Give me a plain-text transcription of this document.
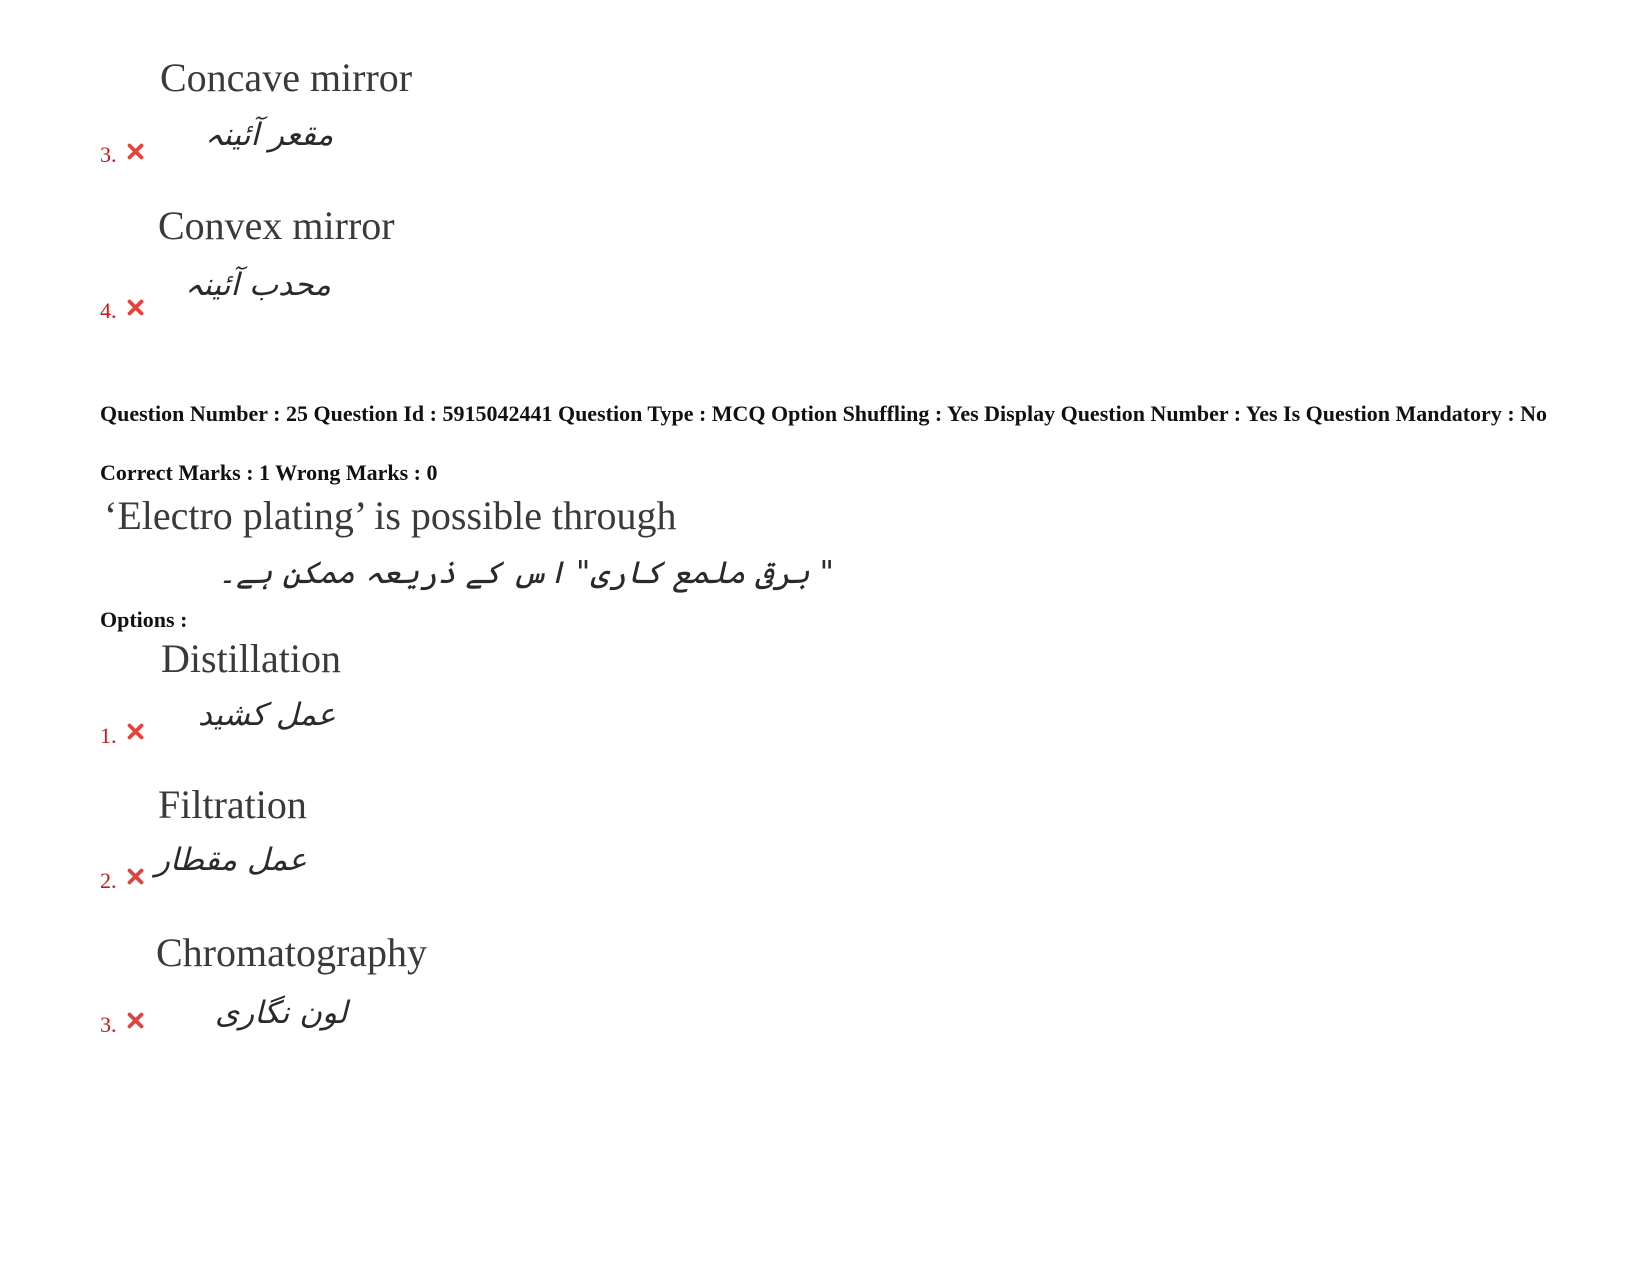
Concave mirror
مقعر آئینہ
3.
Convex mirror
محدب آئینہ
4.
Question Number : 25 Question Id : 5915042441 Question Type : MCQ Option Shuffling : Yes Display Question Number : Yes Is Question Mandatory : No
Correct Marks : 1 Wrong Marks : 0
‘Electro plating’ is possible through
" برقی ملمع کاری" اس کے ذریعہ ممکن ہے۔
Options :
Distillation
عمل کشید
1.
Filtration
عمل مقطار
2.
Chromatography
لون نگاری
3.
